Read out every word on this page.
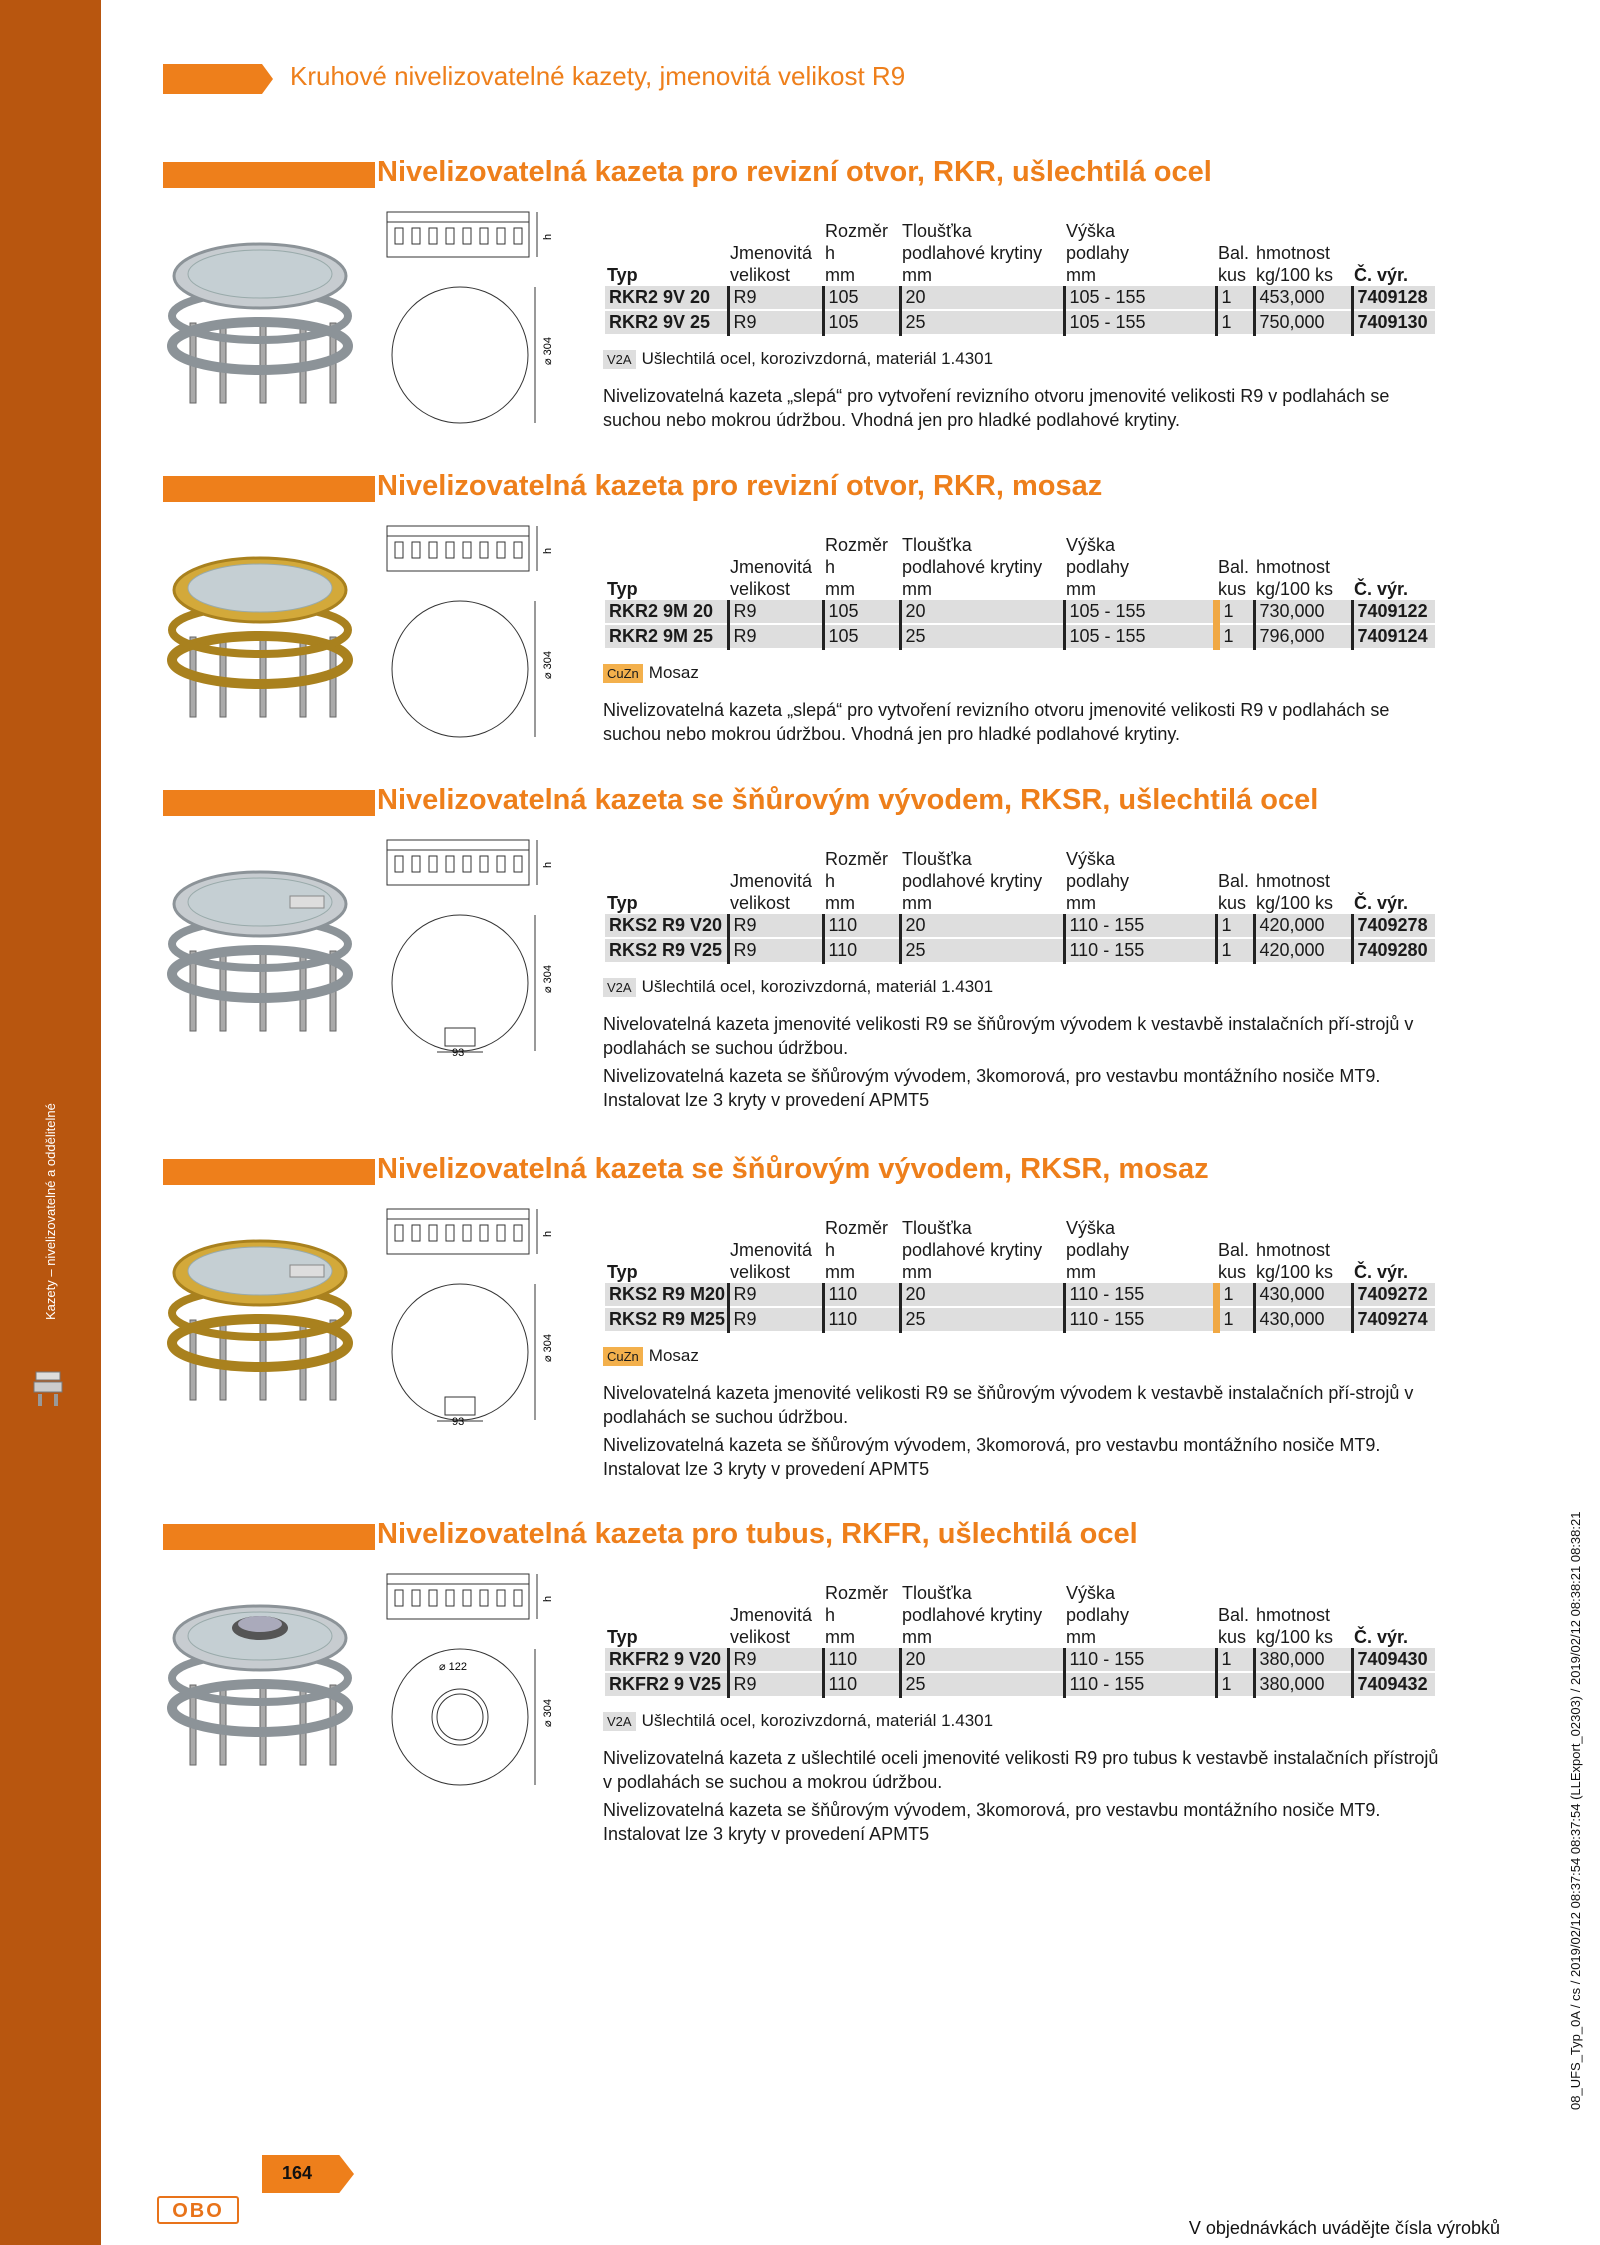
Kazety – nivelizovatelné a oddělitelné
Kruhové nivelizovatelné kazety, jmenovitá velikost R9
Nivelizovatelná kazeta pro revizní otvor, RKR, ušlechtilá ocel
h
⌀ 304
		Rozměr	Tloušťka	Výška			
	Jmenovitá	h	podlahové krytiny	podlahy	Bal.	hmotnost	
Typ	velikost	mm	mm	mm	kus	kg/100 ks	Č. výr.
RKR2 9V 20	R9	105	20	105 - 155	1	453,000	7409128
RKR2 9V 25	R9	105	25	105 - 155	1	750,000	7409130
V2A Ušlechtilá ocel, korozivzdorná, materiál 1.4301

Nivelizovatelná kazeta „slepá“ pro vytvoření revizního otvoru jmenovité velikosti R9 v podlahách se suchou nebo mokrou údržbou. Vhodná jen pro hladké podlahové krytiny.

Nivelizovatelná kazeta pro revizní otvor, RKR, mosaz
h
⌀ 304
		Rozměr	Tloušťka	Výška			
	Jmenovitá	h	podlahové krytiny	podlahy	Bal.	hmotnost	
Typ	velikost	mm	mm	mm	kus	kg/100 ks	Č. výr.
RKR2 9M 20	R9	105	20	105 - 155	1	730,000	7409122
RKR2 9M 25	R9	105	25	105 - 155	1	796,000	7409124
CuZn Mosaz

Nivelizovatelná kazeta „slepá“ pro vytvoření revizního otvoru jmenovité velikosti R9 v podlahách se suchou nebo mokrou údržbou. Vhodná jen pro hladké podlahové krytiny.

Nivelizovatelná kazeta se šňůrovým vývodem, RKSR, ušlechtilá ocel
h
⌀ 304
93
		Rozměr	Tloušťka	Výška			
	Jmenovitá	h	podlahové krytiny	podlahy	Bal.	hmotnost	
Typ	velikost	mm	mm	mm	kus	kg/100 ks	Č. výr.
RKS2 R9 V20	R9	110	20	110 - 155	1	420,000	7409278
RKS2 R9 V25	R9	110	25	110 - 155	1	420,000	7409280
V2A Ušlechtilá ocel, korozivzdorná, materiál 1.4301

Nivelovatelná kazeta jmenovité velikosti R9 se šňůrovým vývodem k vestavbě instalačních pří-strojů v podlahách se suchou údržbou.

Nivelizovatelná kazeta se šňůrovým vývodem, 3komorová, pro vestavbu montážního nosiče MT9. Instalovat lze 3 kryty v provedení APMT5

Nivelizovatelná kazeta se šňůrovým vývodem, RKSR, mosaz
h
⌀ 304
93
		Rozměr	Tloušťka	Výška			
	Jmenovitá	h	podlahové krytiny	podlahy	Bal.	hmotnost	
Typ	velikost	mm	mm	mm	kus	kg/100 ks	Č. výr.
RKS2 R9 M20	R9	110	20	110 - 155	1	430,000	7409272
RKS2 R9 M25	R9	110	25	110 - 155	1	430,000	7409274
CuZn Mosaz

Nivelovatelná kazeta jmenovité velikosti R9 se šňůrovým vývodem k vestavbě instalačních pří-strojů v podlahách se suchou údržbou.

Nivelizovatelná kazeta se šňůrovým vývodem, 3komorová, pro vestavbu montážního nosiče MT9. Instalovat lze 3 kryty v provedení APMT5

Nivelizovatelná kazeta pro tubus, RKFR, ušlechtilá ocel
h
⌀ 304
⌀ 122
		Rozměr	Tloušťka	Výška			
	Jmenovitá	h	podlahové krytiny	podlahy	Bal.	hmotnost	
Typ	velikost	mm	mm	mm	kus	kg/100 ks	Č. výr.
RKFR2 9 V20	R9	110	20	110 - 155	1	380,000	7409430
RKFR2 9 V25	R9	110	25	110 - 155	1	380,000	7409432
V2A Ušlechtilá ocel, korozivzdorná, materiál 1.4301

Nivelizovatelná kazeta z ušlechtilé oceli jmenovité velikosti R9 pro tubus k vestavbě instalačních přístrojů v podlahách se suchou a mokrou údržbou.

Nivelizovatelná kazeta se šňůrovým vývodem, 3komorová, pro vestavbu montážního nosiče MT9. Instalovat lze 3 kryty v provedení APMT5

OBO
164
V objednávkách uvádějte čísla výrobků
08_UFS_Typ_0A / cs / 2019/02/12 08:37:54 08:37:54 (LLExport_02303) / 2019/02/12 08:38:21 08:38:21
